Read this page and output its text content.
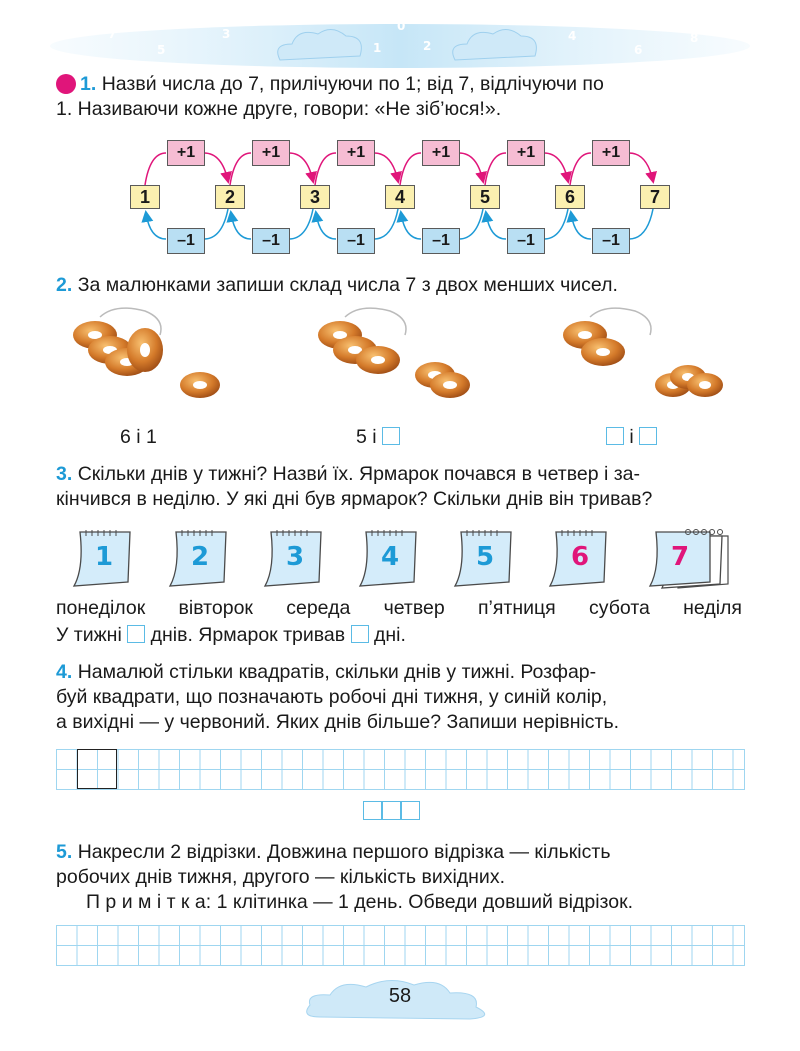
7
5
3
1
0
2
4
6
8
1. Назви́ числа до 7, прилічуючи по 1; від 7, відлічуючи по
1. Називаючи кожне друге, говори: «Не зіб’юся!».
+1	+1	+1	+1	+1	+1
1	2	3	4	5	6	7
–1	–1	–1	–1	–1	–1
2. За малюнками запиши склад числа 7 з двох менших чисел.
6 і 1	5 і	і
3. Скільки днів у тижні? Назви́ їх. Ярмарок почався в четвер і за-
кінчився в неділю. У які дні був ярмарок? Скільки днів він тривав?
1	2	3	4	5	6	7
понеділок вівторок середа четвер п’ятниця субота неділя
У тижні днів. Ярмарок тривав дні.
4. Намалюй стільки квадратів, скільки днів у тижні. Розфар-
буй квадрати, що позначають робочі дні тижня, у синій колір,
а вихідні — у червоний. Яких днів більше? Запиши нерівність.
5. Накресли 2 відрізки. Довжина першого відрізка — кількість
робочих днів тижня, другого — кількість вихідних.
П р и м і т к а: 1 клітинка — 1 день. Обведи довший відрізок.
58
